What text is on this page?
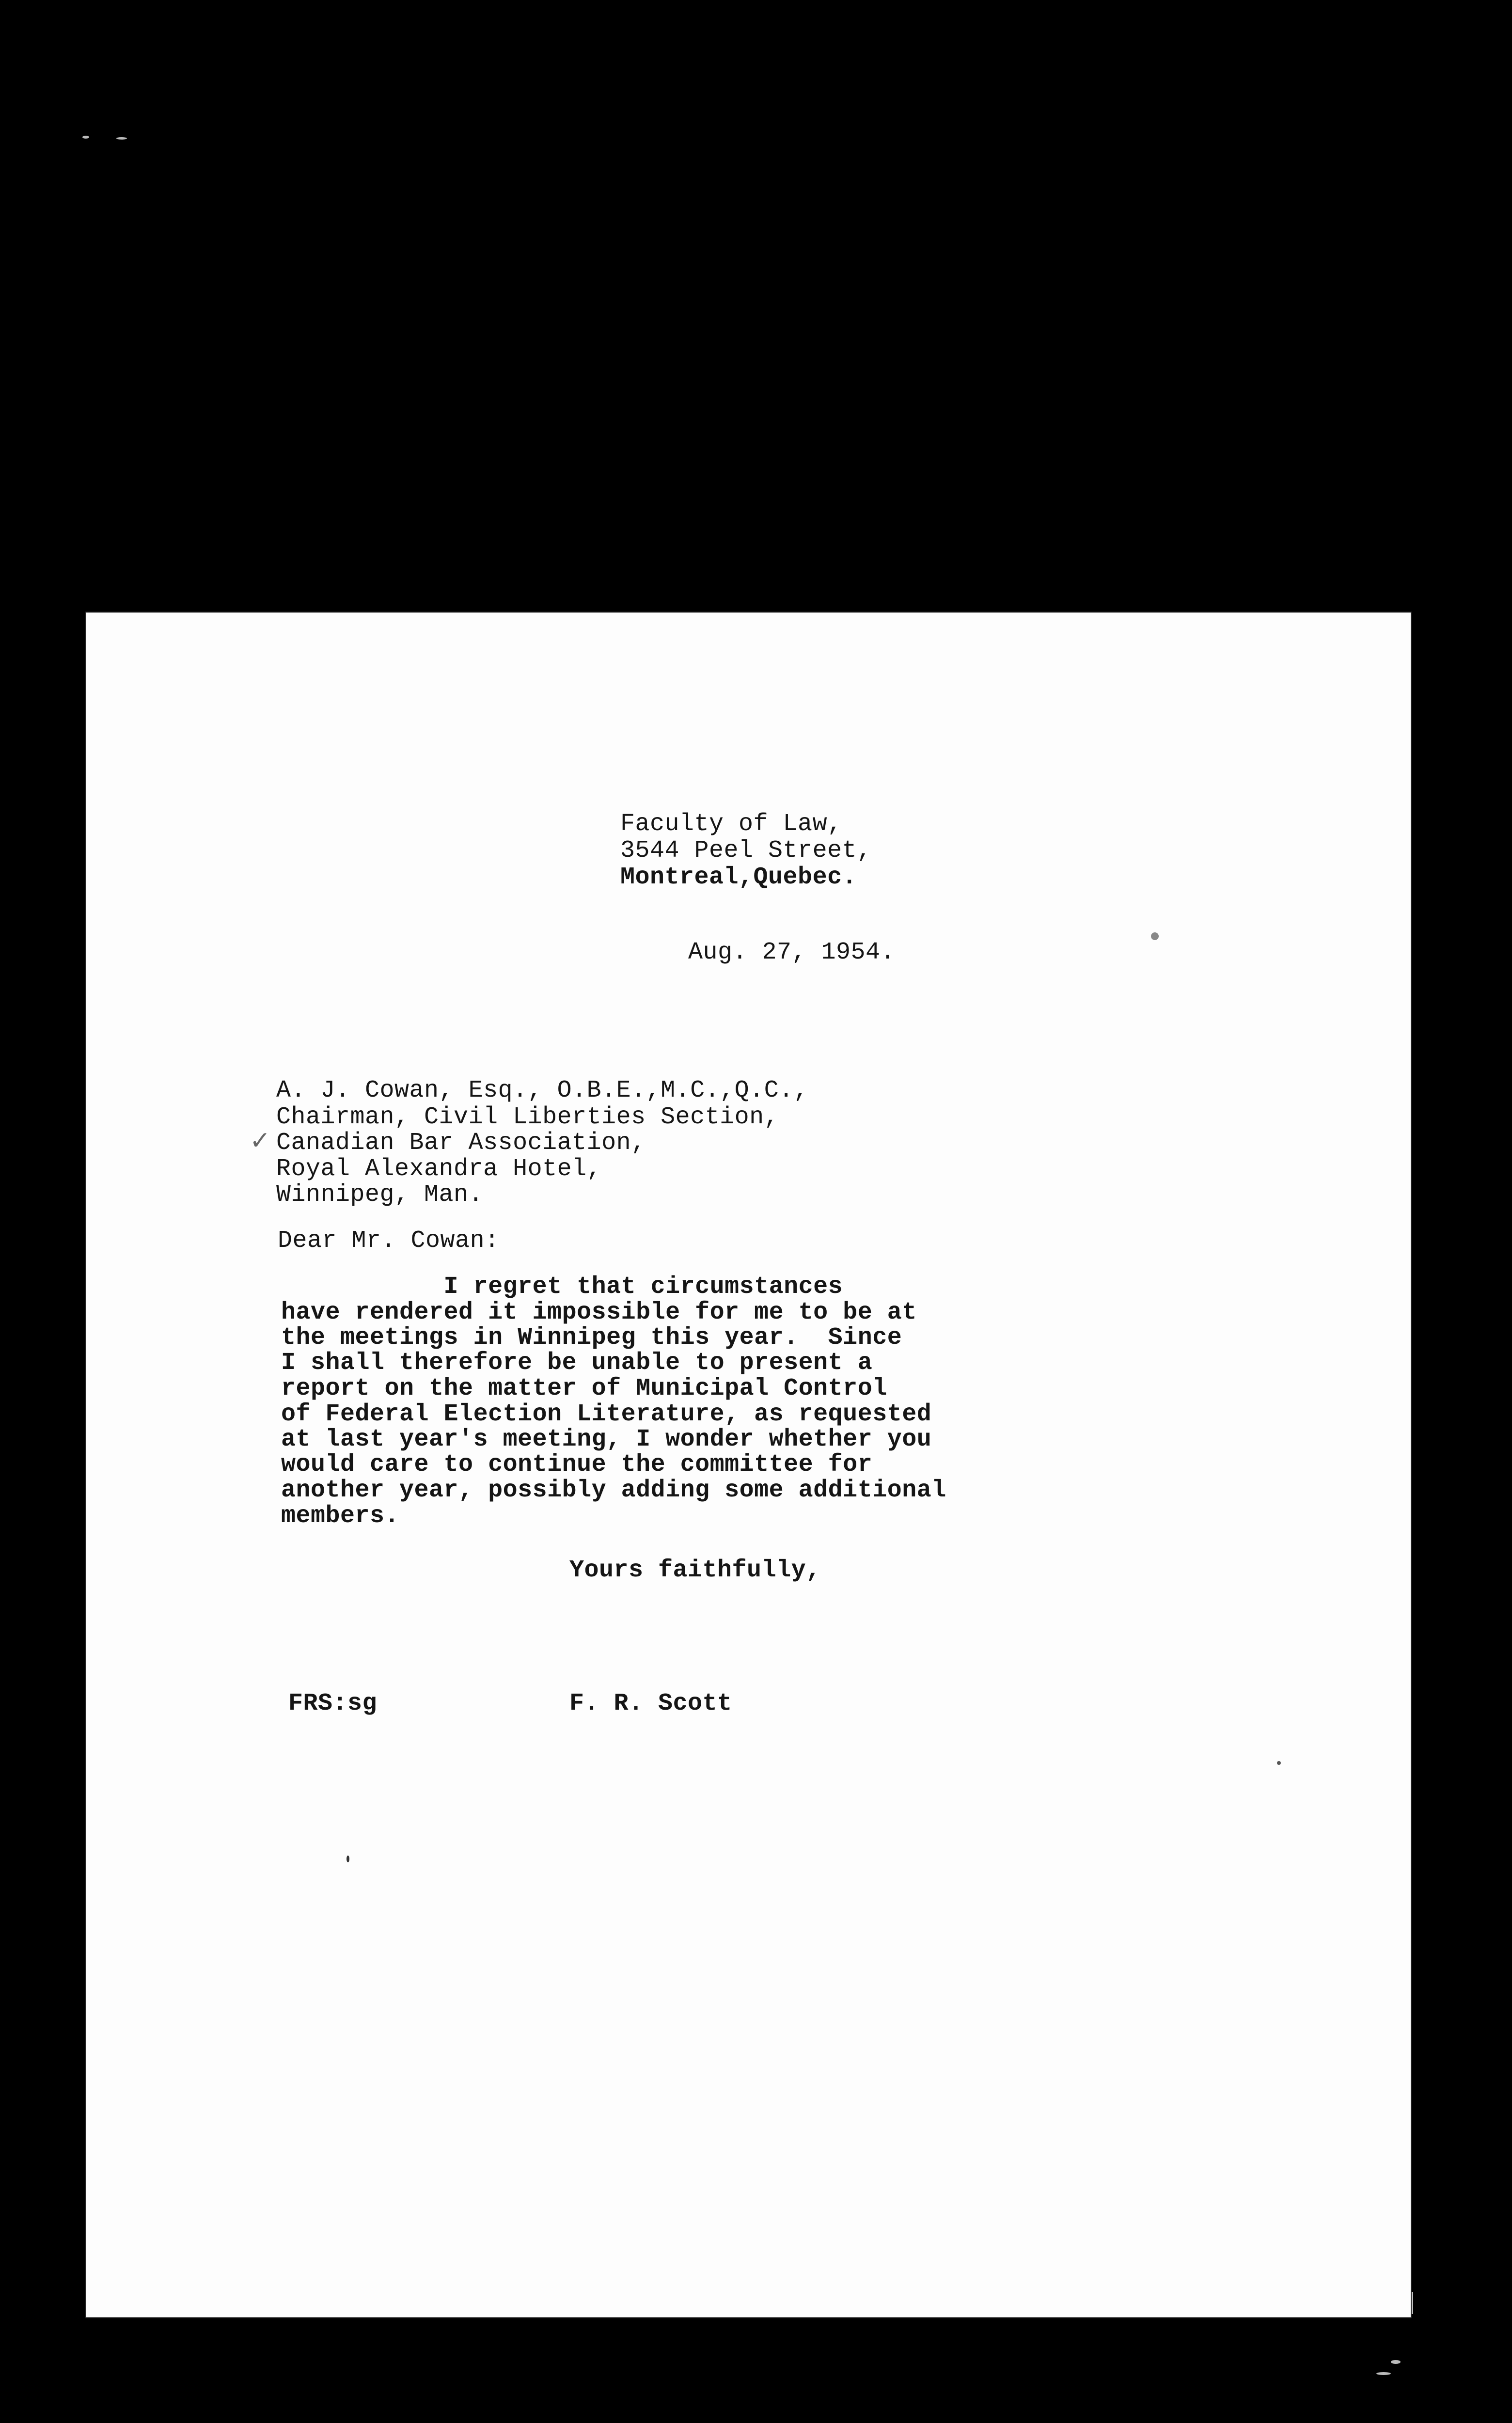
Faculty of Law,
3544 Peel Street,
Montreal,Quebec.
Aug. 27, 1954.
A. J. Cowan, Esq., O.B.E.,M.C.,Q.C.,
Chairman, Civil Liberties Section,
✓ Canadian Bar Association,
Royal Alexandra Hotel,
Winnipeg, Man.
Dear Mr. Cowan:
I regret that circumstances
have rendered it impossible for me to be at
the meetings in Winnipeg this year.  Since
I shall therefore be unable to present a
report on the matter of Municipal Control
of Federal Election Literature, as requested
at last year's meeting, I wonder whether you
would care to continue the committee for
another year, possibly adding some additional
members.
Yours faithfully,
FRS:sg	F. R. Scott
